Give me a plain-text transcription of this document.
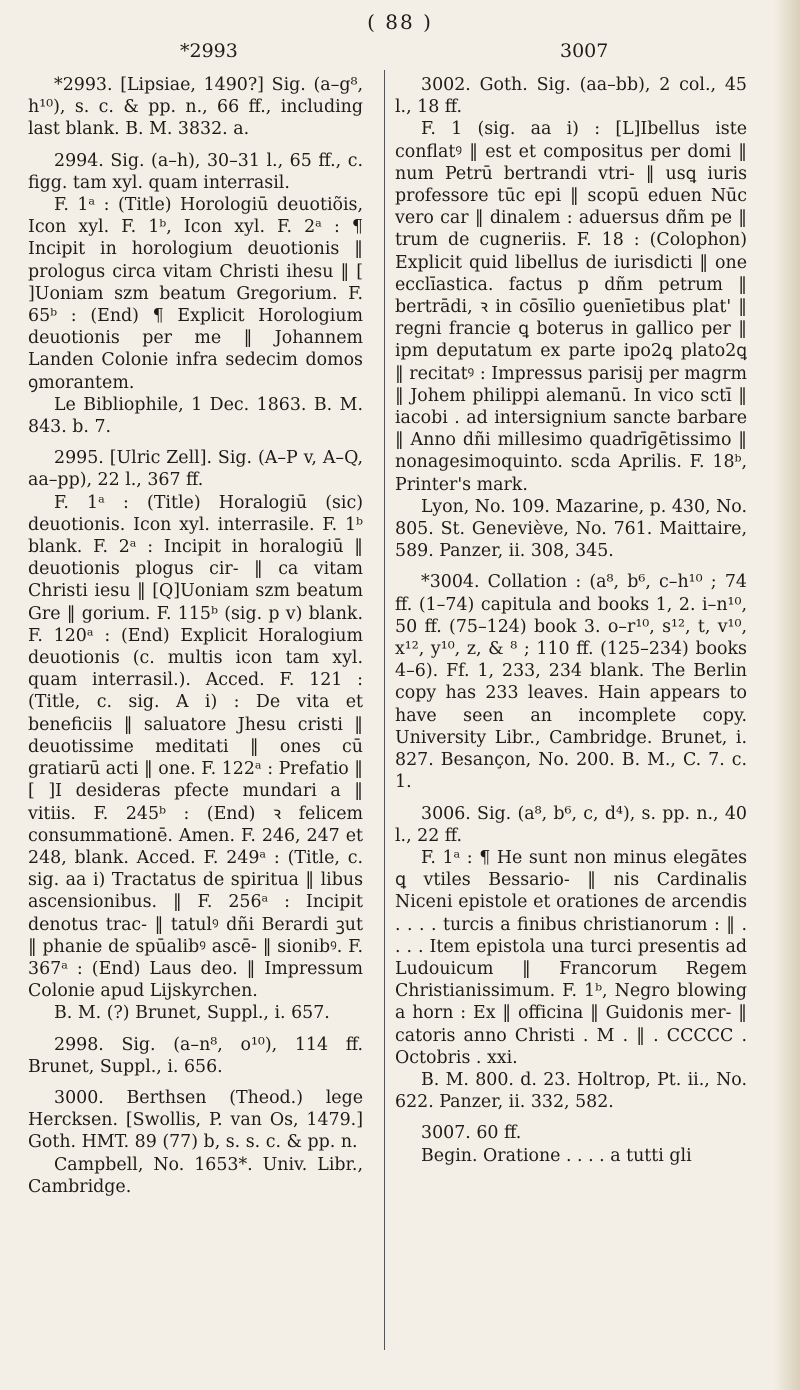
( 88 )
*2993	3007

*2993. [Lipsiae, 1490?] Sig. (a–g⁸, h¹⁰), s. c. & pp. n., 66 ff., including last blank. B. M. 3832. a.

2994. Sig. (a–h), 30–31 l., 65 ff., c. figg. tam xyl. quam interrasil.

F. 1ᵃ : (Title) Horologiū deuotiõis, Icon xyl. F. 1ᵇ, Icon xyl. F. 2ᵃ : ¶ Incipit in horologium deuotionis ‖ prologus circa vitam Christi ihesu ‖ [ ]Uoniam szm beatum Gregorium. F. 65ᵇ : (End) ¶ Explicit Horologium deuotionis per me ‖ Johannem Landen Colonie infra sedecim domos ꝯmorantem.

Le Bibliophile, 1 Dec. 1863. B. M. 843. b. 7.

2995. [Ulric Zell]. Sig. (A–P v, A–Q, aa–pp), 22 l., 367 ff.

F. 1ᵃ : (Title) Horalogiū (sic) deuotionis. Icon xyl. interrasile. F. 1ᵇ blank. F. 2ᵃ : Incipit in horalogiū ‖ deuotionis plogus cir- ‖ ca vitam Christi iesu ‖ [Q]Uoniam szm beatum Gre ‖ gorium. F. 115ᵇ (sig. p v) blank. F. 120ᵃ : (End) Explicit Horalogium deuotionis (c. multis icon tam xyl. quam interrasil.). Acced. F. 121 : (Title, c. sig. A i) : De vita et beneficiis ‖ saluatore Jhesu cristi ‖ deuotissime meditati ‖ ones cū gratiarū acti ‖ one. F. 122ᵃ : Prefatio ‖ [ ]I desideras pfecte mundari a ‖ vitiis. F. 245ᵇ : (End) ꝛ felicem consummationē. Amen. F. 246, 247 et 248, blank. Acced. F. 249ᵃ : (Title, c. sig. aa i) Tractatus de spiritua ‖ libus ascensionibus. ‖ F. 256ᵃ : Incipit denotus trac- ‖ tatulꝰ dñi Berardi ꝫut ‖ phanie de spūalibꝰ ascē- ‖ sionibꝰ. F. 367ᵃ : (End) Laus deo. ‖ Impressum Colonie apud Lijskyrchen.

B. M. (?) Brunet, Suppl., i. 657.

2998. Sig. (a–n⁸, o¹⁰), 114 ff. Brunet, Suppl., i. 656.

3000. Berthsen (Theod.) lege Hercksen. [Swollis, P. van Os, 1479.] Goth. HMT. 89 (77) b, s. s. c. & pp. n.

Campbell, No. 1653*. Univ. Libr., Cambridge.

3002. Goth. Sig. (aa–bb), 2 col., 45 l., 18 ff.

F. 1 (sig. aa i) : [L]Ibellus iste conflatꝰ ‖ est et compositus per domi ‖ num Petrū bertrandi vtri- ‖ usꝗ iuris professore tūc epi ‖ scopū eduen Nūc vero car ‖ dinalem : aduersus dñm pe ‖ trum de cugneriis. F. 18 : (Colophon) Explicit quid libellus de iurisdicti ‖ one ecclīastica. factus p dñm petrum ‖ bertrādi, ꝛ in cōsīlio ꝯuenīetibus plat' ‖ regni francie ꝗ boterus in gallico per ‖ ipm deputatum ex parte ipo2ꝗ plato2ꝗ ‖ recitatꝰ : Impressus parisij per magrm ‖ Johem philippi alemanū. In vico sctī ‖ iacobi . ad intersignium sancte barbare ‖ Anno dñi millesimo quadrīgētissimo ‖ nonagesimoquinto. scda Aprilis. F. 18ᵇ, Printer's mark.

Lyon, No. 109. Mazarine, p. 430, No. 805. St. Geneviève, No. 761. Maittaire, 589. Panzer, ii. 308, 345.

*3004. Collation : (a⁸, b⁶, c–h¹⁰ ; 74 ff. (1–74) capitula and books 1, 2. i–n¹⁰, 50 ff. (75–124) book 3. o–r¹⁰, s¹², t, v¹⁰, x¹², y¹⁰, z, & ⁸ ; 110 ff. (125–234) books 4–6). Ff. 1, 233, 234 blank. The Berlin copy has 233 leaves. Hain appears to have seen an incomplete copy. University Libr., Cambridge. Brunet, i. 827. Besançon, No. 200. B. M., C. 7. c. 1.

3006. Sig. (a⁸, b⁶, c, d⁴), s. pp. n., 40 l., 22 ff.

F. 1ᵃ : ¶ He sunt non minus elegātes ꝗ vtiles Bessario- ‖ nis Cardinalis Niceni epistole et orationes de arcendis . . . . turcis a finibus christianorum : ‖ . . . . Item epistola una turci presentis ad Ludouicum ‖ Francorum Regem Christianissimum. F. 1ᵇ, Negro blowing a horn : Ex ‖ officina ‖ Guidonis mer- ‖ catoris anno Christi . M . ‖ . CCCCC . Octobris . xxi.

B. M. 800. d. 23. Holtrop, Pt. ii., No. 622. Panzer, ii. 332, 582.

3007. 60 ff.

Begin. Oratione . . . . a tutti gli
